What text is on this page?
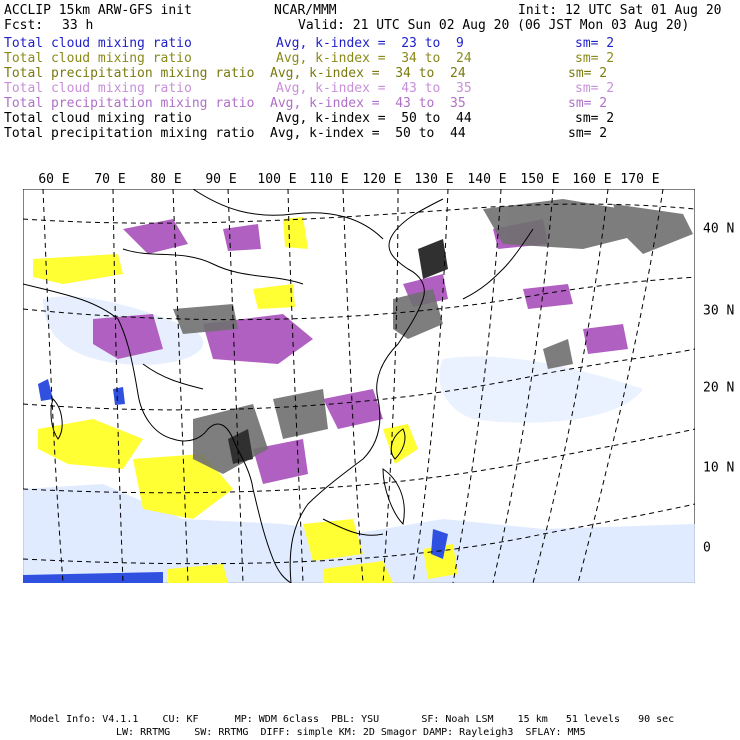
ACCLIP 15km ARW-GFS init	NCAR/MMM	Init: 12 UTC Sat 01 Aug 20
Fcst: 33 h	Valid: 21 UTC Sun 02 Aug 20 (06 JST Mon 03 Aug 20)
Total cloud mixing ratio	Avg, k-index =  23 to  9	sm= 2
Total cloud mixing ratio	Avg, k-index =  34 to  24	sm= 2
Total precipitation mixing ratio Avg, k-index =  34 to  24	sm= 2
Total cloud mixing ratio	Avg, k-index =  43 to  35	sm= 2
Total precipitation mixing ratio Avg, k-index =  43 to  35	sm= 2
Total cloud mixing ratio	Avg, k-index =  50 to  44	sm= 2
Total precipitation mixing ratio Avg, k-index =  50 to  44	sm= 2
60 E 70 E 80 E 90 E 100 E 110 E 120 E 130 E 140 E 150 E 160 E 170 E
40 N
30 N
20 N
10 N
0
Model Info: V4.1.1    CU: KF      MP: WDM 6class  PBL: YSU       SF: Noah LSM    15 km   51 levels   90 sec
LW: RRTMG    SW: RRTMG  DIFF: simple KM: 2D Smagor DAMP: Rayleigh3  SFLAY: MM5
